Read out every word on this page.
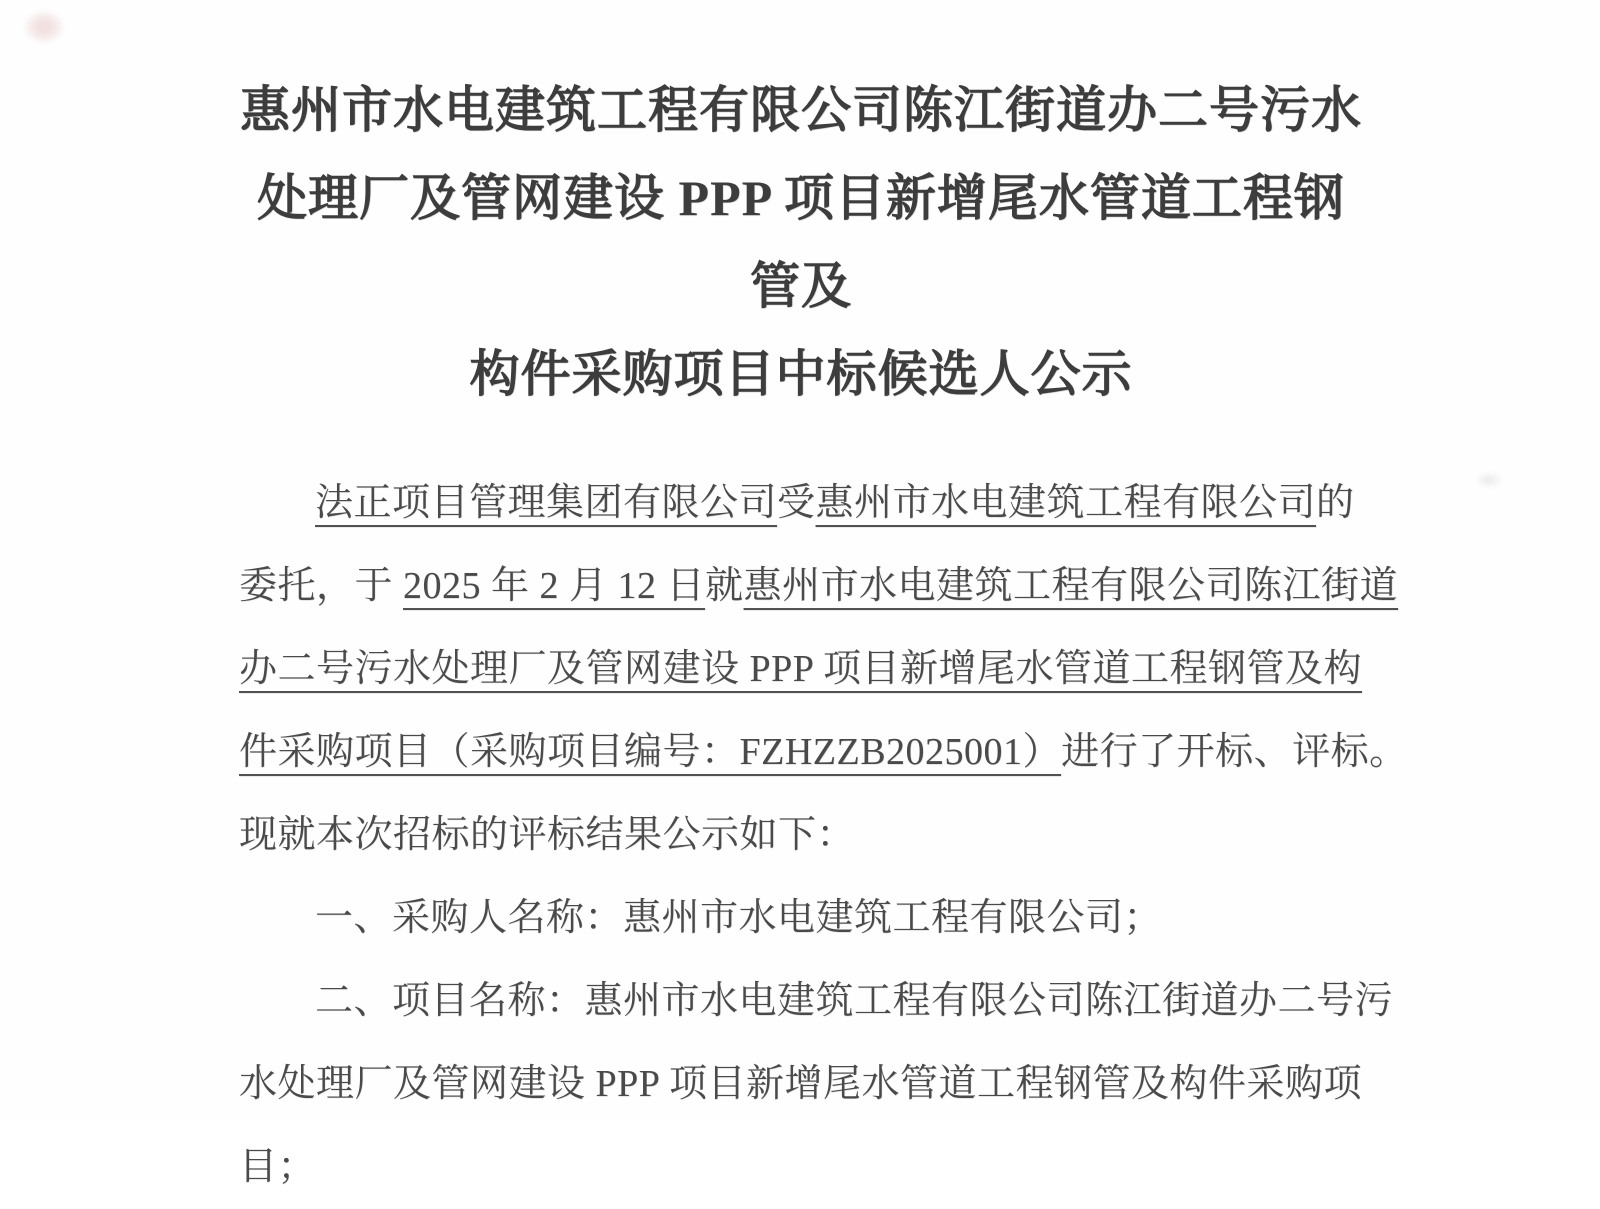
惠州市水电建筑工程有限公司陈江街道办二号污水
处理厂及管网建设 PPP 项目新增尾水管道工程钢管及
构件采购项目中标候选人公示

法正项目管理集团有限公司受惠州市水电建筑工程有限公司的

委托，于 2025 年 2 月 12 日就惠州市水电建筑工程有限公司陈江街道

办二号污水处理厂及管网建设 PPP 项目新增尾水管道工程钢管及构

件采购项目（采购项目编号：FZHZZB2025001）进行了开标、评标。

现就本次招标的评标结果公示如下：

一、采购人名称：惠州市水电建筑工程有限公司；

二、项目名称：惠州市水电建筑工程有限公司陈江街道办二号污

水处理厂及管网建设 PPP 项目新增尾水管道工程钢管及构件采购项

目；
